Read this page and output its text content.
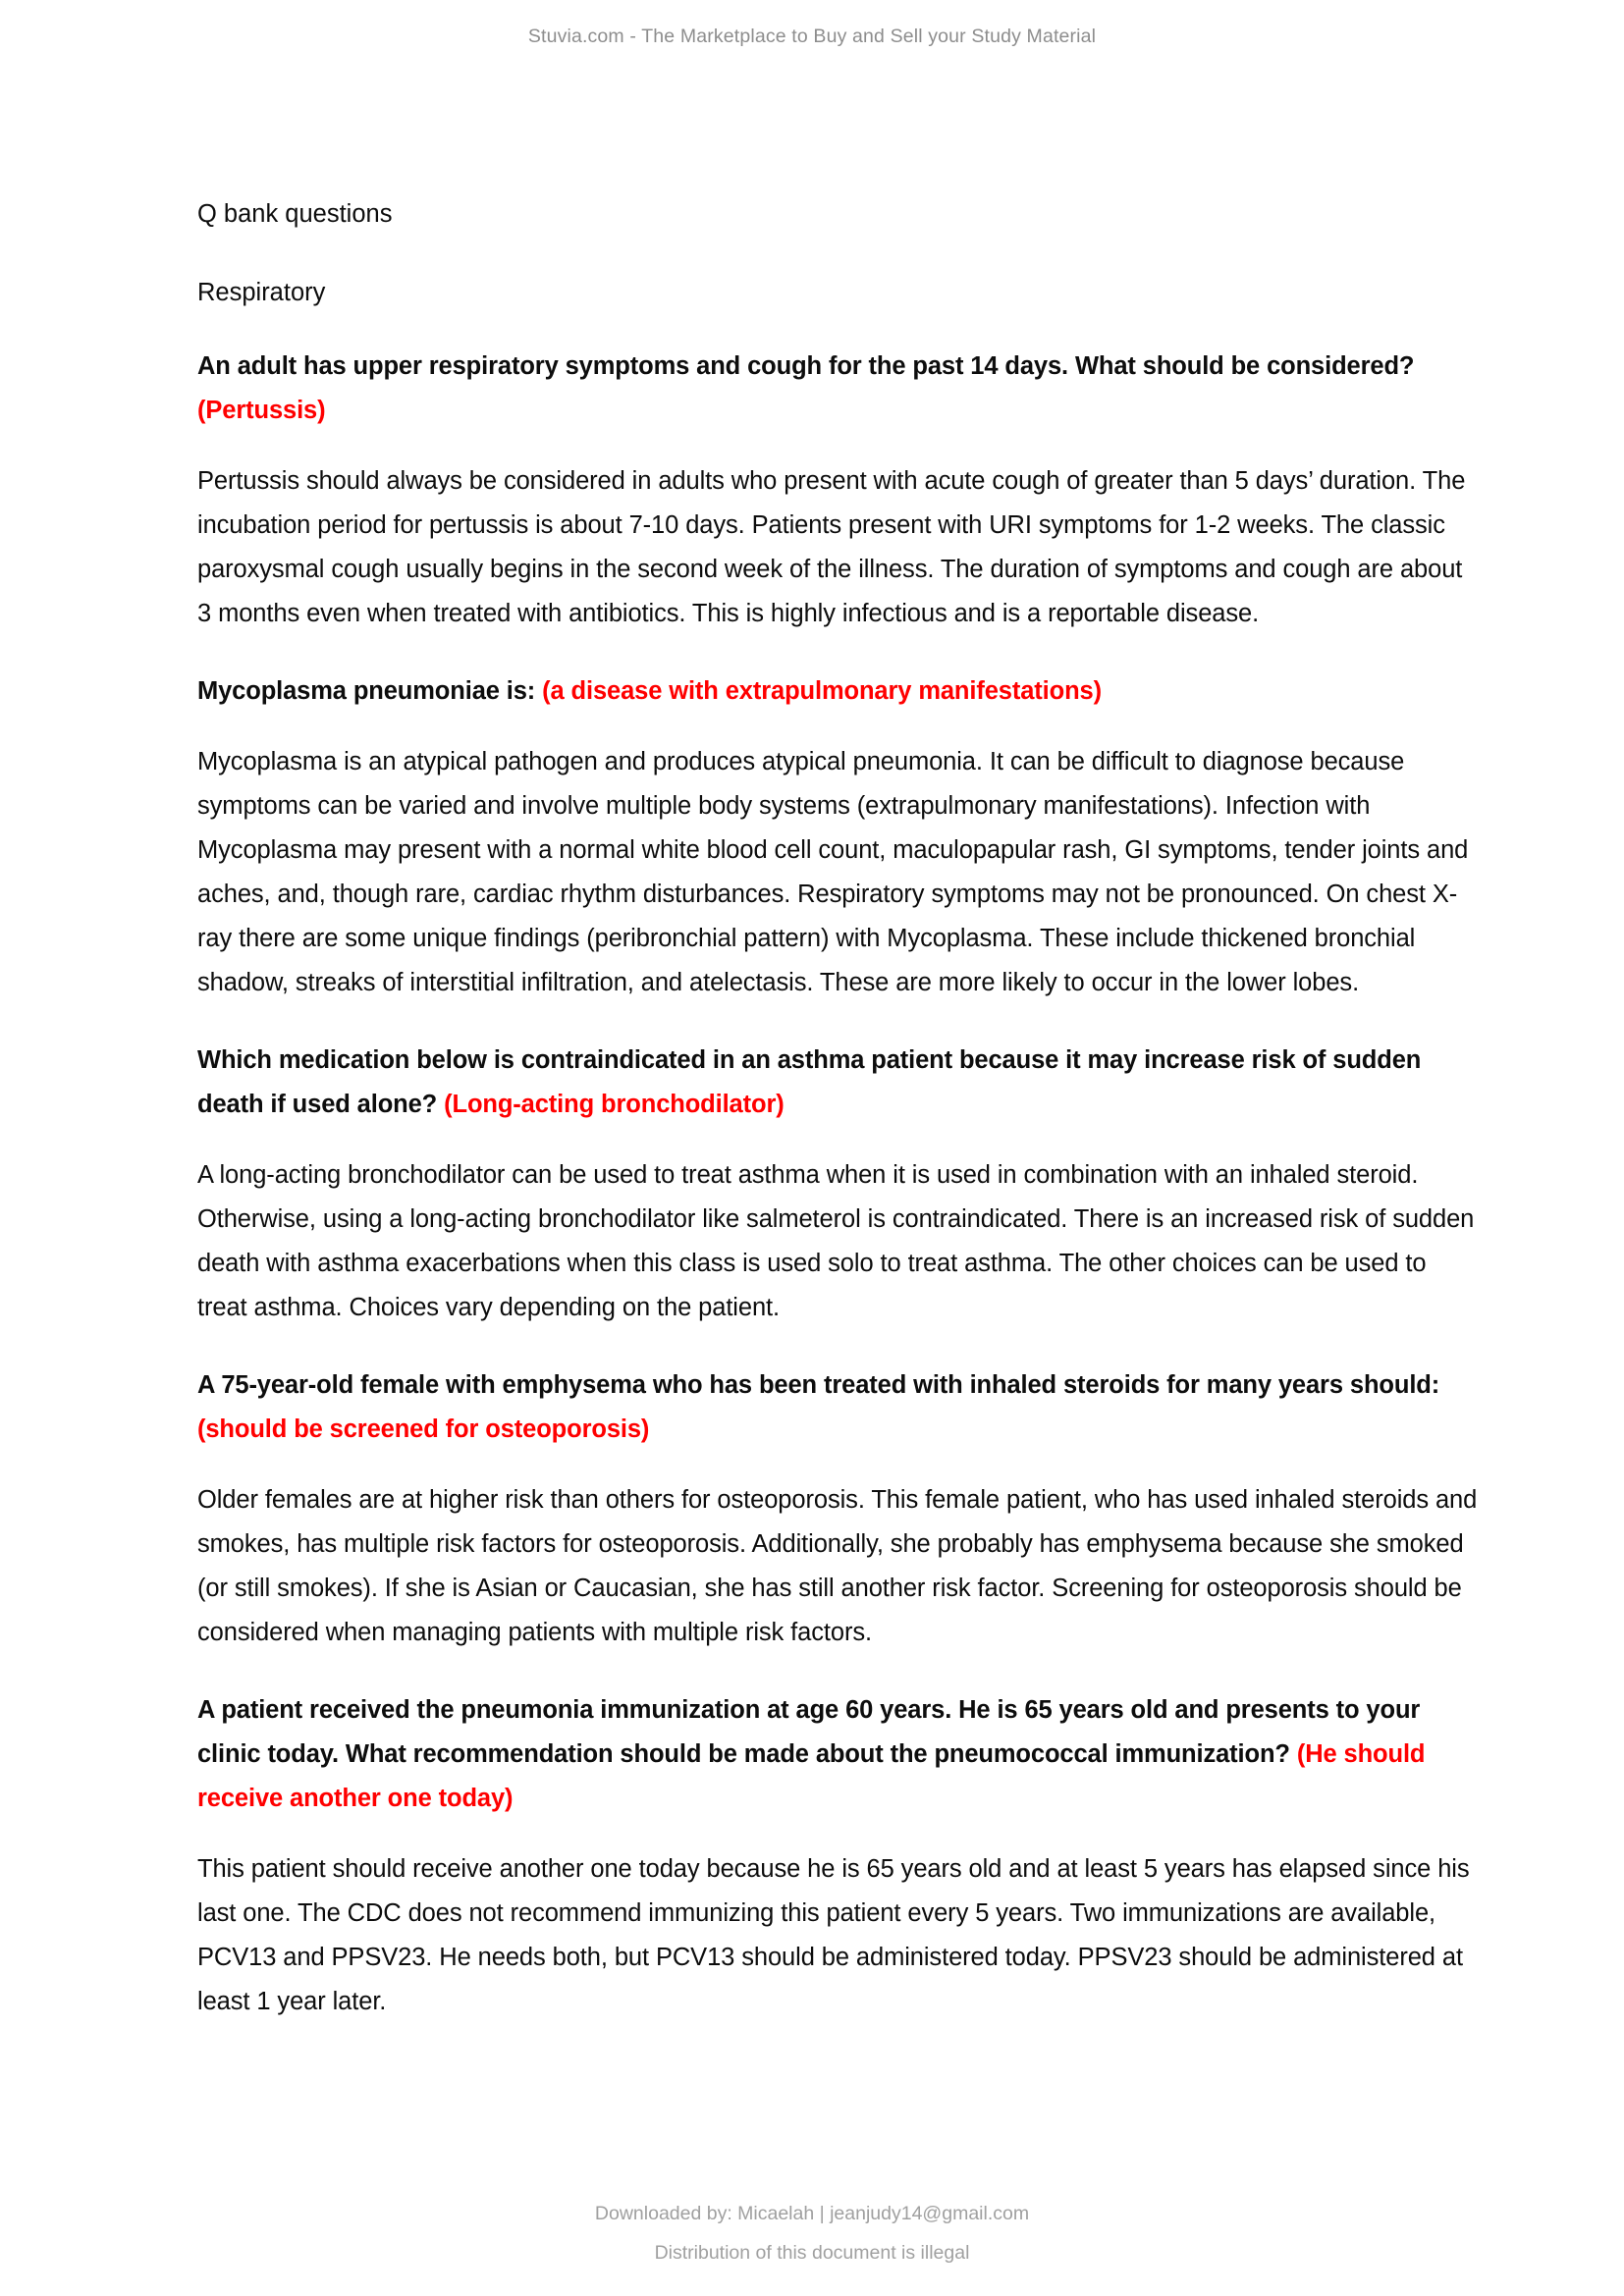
Stuvia.com - The Marketplace to Buy and Sell your Study Material

Q bank questions

Respiratory

An adult has upper respiratory symptoms and cough for the past 14 days. What should be considered? (Pertussis)

Pertussis should always be considered in adults who present with acute cough of greater than 5 days’ duration. The incubation period for pertussis is about 7-10 days. Patients present with URI symptoms for 1-2 weeks. The classic paroxysmal cough usually begins in the second week of the illness. The duration of symptoms and cough are about 3 months even when treated with antibiotics. This is highly infectious and is a reportable disease.

Mycoplasma pneumoniae is: (a disease with extrapulmonary manifestations)

Mycoplasma is an atypical pathogen and produces atypical pneumonia. It can be difficult to diagnose because symptoms can be varied and involve multiple body systems (extrapulmonary manifestations). Infection with Mycoplasma may present with a normal white blood cell count, maculopapular rash, GI symptoms, tender joints and aches, and, though rare, cardiac rhythm disturbances. Respiratory symptoms may not be pronounced. On chest X-ray there are some unique findings (peribronchial pattern) with Mycoplasma. These include thickened bronchial shadow, streaks of interstitial infiltration, and atelectasis. These are more likely to occur in the lower lobes.

Which medication below is contraindicated in an asthma patient because it may increase risk of sudden death if used alone? (Long-acting bronchodilator)

A long-acting bronchodilator can be used to treat asthma when it is used in combination with an inhaled steroid. Otherwise, using a long-acting bronchodilator like salmeterol is contraindicated. There is an increased risk of sudden death with asthma exacerbations when this class is used solo to treat asthma. The other choices can be used to treat asthma. Choices vary depending on the patient.

A 75-year-old female with emphysema who has been treated with inhaled steroids for many years should: (should be screened for osteoporosis)

Older females are at higher risk than others for osteoporosis. This female patient, who has used inhaled steroids and smokes, has multiple risk factors for osteoporosis. Additionally, she probably has emphysema because she smoked (or still smokes). If she is Asian or Caucasian, she has still another risk factor. Screening for osteoporosis should be considered when managing patients with multiple risk factors.

A patient received the pneumonia immunization at age 60 years. He is 65 years old and presents to your clinic today. What recommendation should be made about the pneumococcal immunization? (He should receive another one today)

This patient should receive another one today because he is 65 years old and at least 5 years has elapsed since his last one. The CDC does not recommend immunizing this patient every 5 years. Two immunizations are available, PCV13 and PPSV23. He needs both, but PCV13 should be administered today. PPSV23 should be administered at least 1 year later.

Downloaded by: Micaelah | jeanjudy14@gmail.com
Distribution of this document is illegal
